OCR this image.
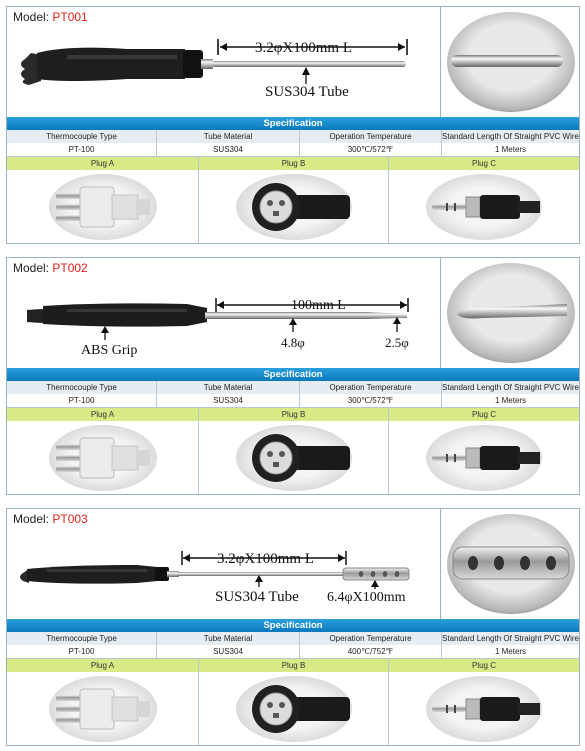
Model: PT001
3.2φX100mm L
SUS304 Tube
Specification
Thermocouple Type	Tube Material	Operation Temperature	Standard Length Of Straight PVC Wire
PT-100	SUS304	300℃/572℉	1 Meters
Plug A	Plug B	Plug C
Model: PT002
100mm L
ABS Grip
4.8φ	2.5φ
Specification
Thermocouple Type	Tube Material	Operation Temperature	Standard Length Of Straight PVC Wire
PT-100	SUS304	300℃/572℉	1 Meters
Plug A	Plug B	Plug C
Model: PT003
3.2φX100mm L
SUS304 Tube 6.4φX100mm
Specification
Thermocouple Type	Tube Material	Operation Temperature	Standard Length Of Straight PVC Wire
PT-100	SUS304	400℃/752℉	1 Meters
Plug A	Plug B	Plug C
